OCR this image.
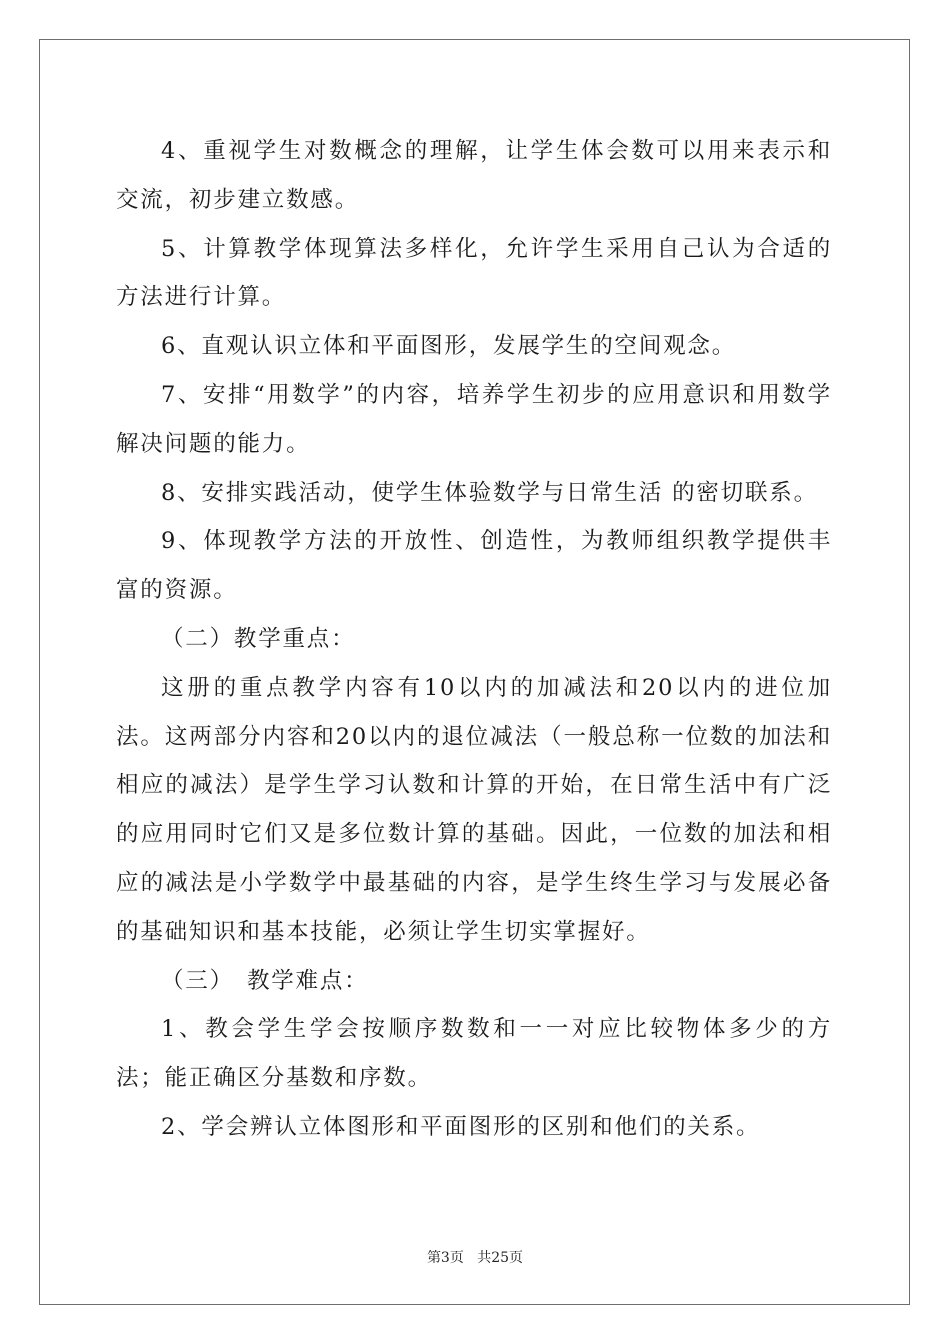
4、重视学生对数概念的理解，让学生体会数可以用来表示和交流，初步建立数感。

5、计算教学体现算法多样化，允许学生采用自己认为合适的方法进行计算。

6、直观认识立体和平面图形，发展学生的空间观念。

7、安排“用数学”的内容，培养学生初步的应用意识和用数学解决问题的能力。

8、安排实践活动，使学生体验数学与日常生活 的密切联系。

9、体现教学方法的开放性、创造性，为教师组织教学提供丰富的资源。

（二）教学重点：

这册的重点教学内容有10以内的加减法和20以内的进位加法。这两部分内容和20以内的退位减法（一般总称一位数的加法和相应的减法）是学生学习认数和计算的开始，在日常生活中有广泛的应用同时它们又是多位数计算的基础。因此，一位数的加法和相应的减法是小学数学中最基础的内容，是学生终生学习与发展必备的基础知识和基本技能，必须让学生切实掌握好。

（三）　教学难点：

1、教会学生学会按顺序数数和一一对应比较物体多少的方法；能正确区分基数和序数。

2、学会辨认立体图形和平面图形的区别和他们的关系。

第3页 共25页
